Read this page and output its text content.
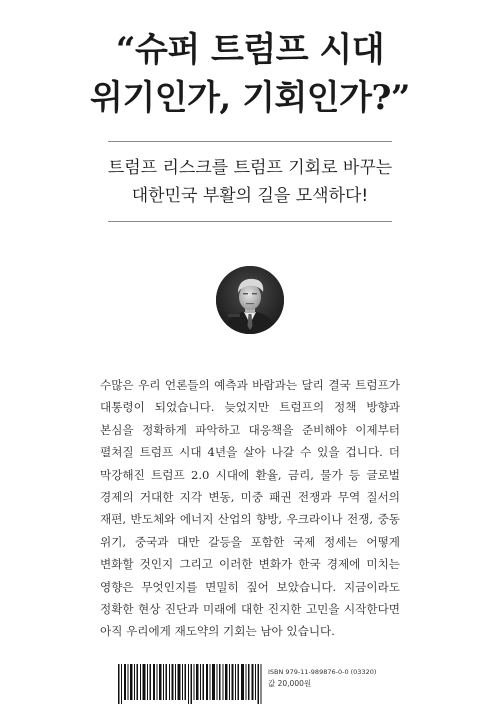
“슈퍼 트럼프 시대
위기인가, 기회인가?”
트럼프 리스크를 트럼프 기회로 바꾸는
대한민국 부활의 길을 모색하다!

수많은 우리 언론들의 예측과 바람과는 달리 결국 트럼프가 대통령이 되었습니다. 늦었지만 트럼프의 정책 방향과 본심을 정확하게 파악하고 대응책을 준비해야 이제부터 펼쳐질 트럼프 시대 4년을 살아 나갈 수 있을 겁니다. 더 막강해진 트럼프 2.0 시대에 환율, 금리, 물가 등 글로벌 경제의 거대한 지각 변동, 미중 패권 전쟁과 무역 질서의 재편, 반도체와 에너지 산업의 향방, 우크라이나 전쟁, 중동 위기, 중국과 대만 갈등을 포함한 국제 정세는 어떻게 변화할 것인지 그리고 이러한 변화가 한국 경제에 미치는 영향은 무엇인지를 면밀히 짚어 보았습니다. 지금이라도 정확한 현상 진단과 미래에 대한 진지한 고민을 시작한다면 아직 우리에게 재도약의 기회는 남아 있습니다.

ISBN 979-11-989876-0-0 (03320)
값 20,000원
